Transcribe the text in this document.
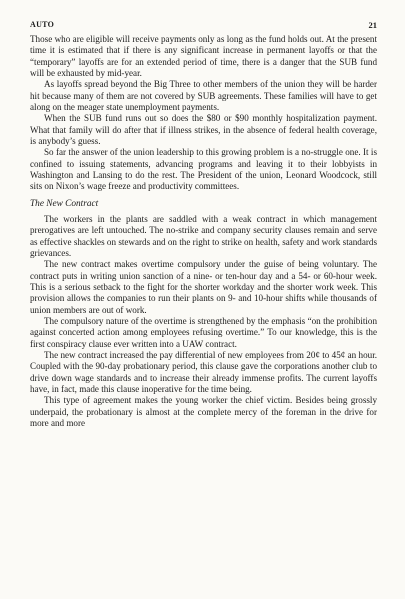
AUTO	21

Those who are eligible will receive payments only as long as the fund holds out. At the present time it is estimated that if there is any significant increase in permanent layoffs or that the “temporary” layoffs are for an extended period of time, there is a danger that the SUB fund will be exhausted by mid-year.

As layoffs spread beyond the Big Three to other members of the union they will be harder hit because many of them are not covered by SUB agreements. These families will have to get along on the meager state unemployment payments.

When the SUB fund runs out so does the $80 or $90 monthly hospitalization payment. What that family will do after that if illness strikes, in the absence of federal health coverage, is anybody’s guess.

So far the answer of the union leadership to this growing problem is a no-struggle one. It is confined to issuing statements, advancing programs and leaving it to their lobbyists in Washington and Lansing to do the rest. The President of the union, Leonard Woodcock, still sits on Nixon’s wage freeze and productivity committees.

The New Contract

The workers in the plants are saddled with a weak contract in which management prerogatives are left untouched. The no-strike and company security clauses remain and serve as effective shackles on stewards and on the right to strike on health, safety and work standards grievances.

The new contract makes overtime compulsory under the guise of being voluntary. The contract puts in writing union sanction of a nine- or ten-hour day and a 54- or 60-hour week. This is a serious setback to the fight for the shorter workday and the shorter work week. This provision allows the companies to run their plants on 9- and 10-hour shifts while thousands of union members are out of work.

The compulsory nature of the overtime is strengthened by the emphasis “on the prohibition against concerted action among employees refusing overtime.” To our knowledge, this is the first conspiracy clause ever written into a UAW contract.

The new contract increased the pay differential of new employees from 20¢ to 45¢ an hour. Coupled with the 90-day probationary period, this clause gave the corporations another club to drive down wage standards and to increase their already immense profits. The current layoffs have, in fact, made this clause inoperative for the time being.

This type of agreement makes the young worker the chief victim. Besides being grossly underpaid, the probationary is almost at the complete mercy of the foreman in the drive for more and more
